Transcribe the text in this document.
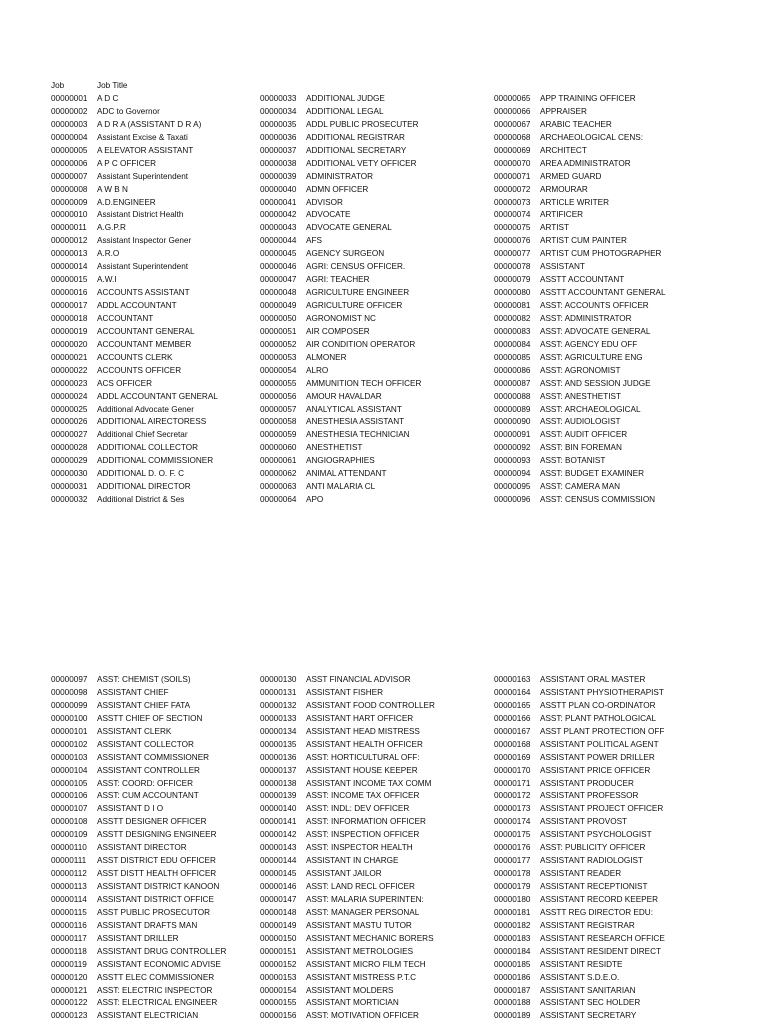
Job	Job Title
00000001	A D C
00000002	ADC to Governor
00000003	A D R A (ASSISTANT D R A)
00000004	Assistant Excise & Taxati
00000005	A ELEVATOR ASSISTANT
00000006	A P C OFFICER
00000007	Assistant Superintendent
00000008	A W B N
00000009	A.D.ENGINEER
00000010	Assistant District Health
00000011	A.G.P.R
00000012	Assistant Inspector Gener
00000013	A.R.O
00000014	Assistant Superintendent
00000015	A.W.I
00000016	ACCOUNTS ASSISTANT
00000017	ADDL ACCOUNTANT
00000018	ACCOUNTANT
00000019	ACCOUNTANT GENERAL
00000020	ACCOUNTANT MEMBER
00000021	ACCOUNTS CLERK
00000022	ACCOUNTS OFFICER
00000023	ACS OFFICER
00000024	ADDL ACCOUNTANT GENERAL
00000025	Additional Advocate Gener
00000026	ADDITIONAL AIRECTORESS
00000027	Additional Chief Secretar
00000028	ADDITIONAL COLLECTOR
00000029	ADDITIONAL COMMISSIONER
00000030	ADDITIONAL D. O. F. C
00000031	ADDITIONAL DIRECTOR
00000032	Additional District & Ses
00000033	ADDITIONAL JUDGE
00000034	ADDITIONAL LEGAL
00000035	ADDL PUBLIC PROSECUTER
00000036	ADDITIONAL REGISTRAR
00000037	ADDITIONAL SECRETARY
00000038	ADDITIONAL VETY OFFICER
00000039	ADMINISTRATOR
00000040	ADMN OFFICER
00000041	ADVISOR
00000042	ADVOCATE
00000043	ADVOCATE GENERAL
00000044	AFS
00000045	AGENCY SURGEON
00000046	AGRI: CENSUS OFFICER.
00000047	AGRI: TEACHER
00000048	AGRICULTURE ENGINEER
00000049	AGRICULTURE OFFICER
00000050	AGRONOMIST NC
00000051	AIR COMPOSER
00000052	AIR CONDITION OPERATOR
00000053	ALMONER
00000054	ALRO
00000055	AMMUNITION TECH OFFICER
00000056	AMOUR HAVALDAR
00000057	ANALYTICAL ASSISTANT
00000058	ANESTHESIA ASSISTANT
00000059	ANESTHESIA TECHNICIAN
00000060	ANESTHETIST
00000061	ANGIOGRAPHIES
00000062	ANIMAL ATTENDANT
00000063	ANTI MALARIA CL
00000064	APO
00000065	APP TRAINING OFFICER
00000066	APPRAISER
00000067	ARABIC TEACHER
00000068	ARCHAEOLOGICAL CENS:
00000069	ARCHITECT
00000070	AREA ADMINISTRATOR
00000071	ARMED GUARD
00000072	ARMOURAR
00000073	ARTICLE WRITER
00000074	ARTIFICER
00000075	ARTIST
00000076	ARTIST CUM PAINTER
00000077	ARTIST CUM PHOTOGRAPHER
00000078	ASSISTANT
00000079	ASSTT ACCOUNTANT
00000080	ASSTT ACCOUNTANT GENERAL
00000081	ASST: ACCOUNTS OFFICER
00000082	ASST: ADMINISTRATOR
00000083	ASST: ADVOCATE GENERAL
00000084	ASST: AGENCY EDU OFF
00000085	ASST: AGRICULTURE ENG
00000086	ASST: AGRONOMIST
00000087	ASST: AND SESSION JUDGE
00000088	ASST: ANESTHETIST
00000089	ASST: ARCHAEOLOGICAL
00000090	ASST: AUDIOLOGIST
00000091	ASST: AUDIT OFFICER
00000092	ASST: BIN FOREMAN
00000093	ASST: BOTANIST
00000094	ASST: BUDGET EXAMINER
00000095	ASST: CAMERA MAN
00000096	ASST: CENSUS COMMISSION
00000097	ASST: CHEMIST (SOILS)
00000098	ASSISTANT CHIEF
00000099	ASSISTANT CHIEF FATA
00000100	ASSTT CHIEF OF SECTION
00000101	ASSISTANT CLERK
00000102	ASSISTANT COLLECTOR
00000103	ASSISTANT COMMISSIONER
00000104	ASSISTANT CONTROLLER
00000105	ASST: COORD: OFFICER
00000106	ASST: CUM ACCOUNTANT
00000107	ASSISTANT D I O
00000108	ASSTT DESIGNER OFFICER
00000109	ASSTT DESIGNING ENGINEER
00000110	ASSISTANT DIRECTOR
00000111	ASST DISTRICT EDU OFFICER
00000112	ASST DISTT HEALTH OFFICER
00000113	ASSISTANT DISTRICT KANOON
00000114	ASSISTANT DISTRICT OFFICE
00000115	ASST PUBLIC PROSECUTOR
00000116	ASSISTANT DRAFTS MAN
00000117	ASSISTANT DRILLER
00000118	ASSISTANT DRUG CONTROLLER
00000119	ASSISTANT ECONOMIC ADVISE
00000120	ASSTT ELEC COMMISSIONER
00000121	ASST: ELECTRIC INSPECTOR
00000122	ASST: ELECTRICAL ENGINEER
00000123	ASSISTANT ELECTRICIAN
00000130	ASST FINANCIAL ADVISOR
00000131	ASSISTANT FISHER
00000132	ASSISTANT FOOD CONTROLLER
00000133	ASSISTANT HART OFFICER
00000134	ASSISTANT HEAD MISTRESS
00000135	ASSISTANT HEALTH OFFICER
00000136	ASST: HORTICULTURAL OFF:
00000137	ASSISTANT HOUSE KEEPER
00000138	ASSISTANT INCOME TAX COMM
00000139	ASST: INCOME TAX OFFICER
00000140	ASST: INDL: DEV OFFICER
00000141	ASST: INFORMATION OFFICER
00000142	ASST: INSPECTION OFFICER
00000143	ASST: INSPECTOR HEALTH
00000144	ASSISTANT IN CHARGE
00000145	ASSISTANT JAILOR
00000146	ASST: LAND RECL OFFICER
00000147	ASST: MALARIA SUPERINTEN:
00000148	ASST: MANAGER PERSONAL
00000149	ASSISTANT MASTU TUTOR
00000150	ASSISTANT MECHANIC BORERS
00000151	ASSISTANT METROLOGIES
00000152	ASSISTANT MICRO FILM TECH
00000153	ASSISTANT MISTRESS P.T.C
00000154	ASSISTANT MOLDERS
00000155	ASSISTANT MORTICIAN
00000156	ASST: MOTIVATION OFFICER
00000163	ASSISTANT ORAL MASTER
00000164	ASSISTANT PHYSIOTHERAPIST
00000165	ASSTT PLAN CO-ORDINATOR
00000166	ASST: PLANT PATHOLOGICAL
00000167	ASST PLANT PROTECTION OFF
00000168	ASSISTANT POLITICAL AGENT
00000169	ASSISTANT POWER DRILLER
00000170	ASSISTANT PRICE OFFICER
00000171	ASSISTANT PRODUCER
00000172	ASSISTANT PROFESSOR
00000173	ASSISTANT PROJECT OFFICER
00000174	ASSISTANT PROVOST
00000175	ASSISTANT PSYCHOLOGIST
00000176	ASST: PUBLICITY OFFICER
00000177	ASSISTANT RADIOLOGIST
00000178	ASSISTANT READER
00000179	ASSISTANT RECEPTIONIST
00000180	ASSISTANT RECORD KEEPER
00000181	ASSTT REG DIRECTOR EDU:
00000182	ASSISTANT REGISTRAR
00000183	ASSISTANT RESEARCH OFFICE
00000184	ASSISTANT RESIDENT DIRECT
00000185	ASSISTANT RESIDTE
00000186	ASSISTANT S.D.E.O.
00000187	ASSISTANT SANITARIAN
00000188	ASSISTANT SEC HOLDER
00000189	ASSISTANT SECRETARY
